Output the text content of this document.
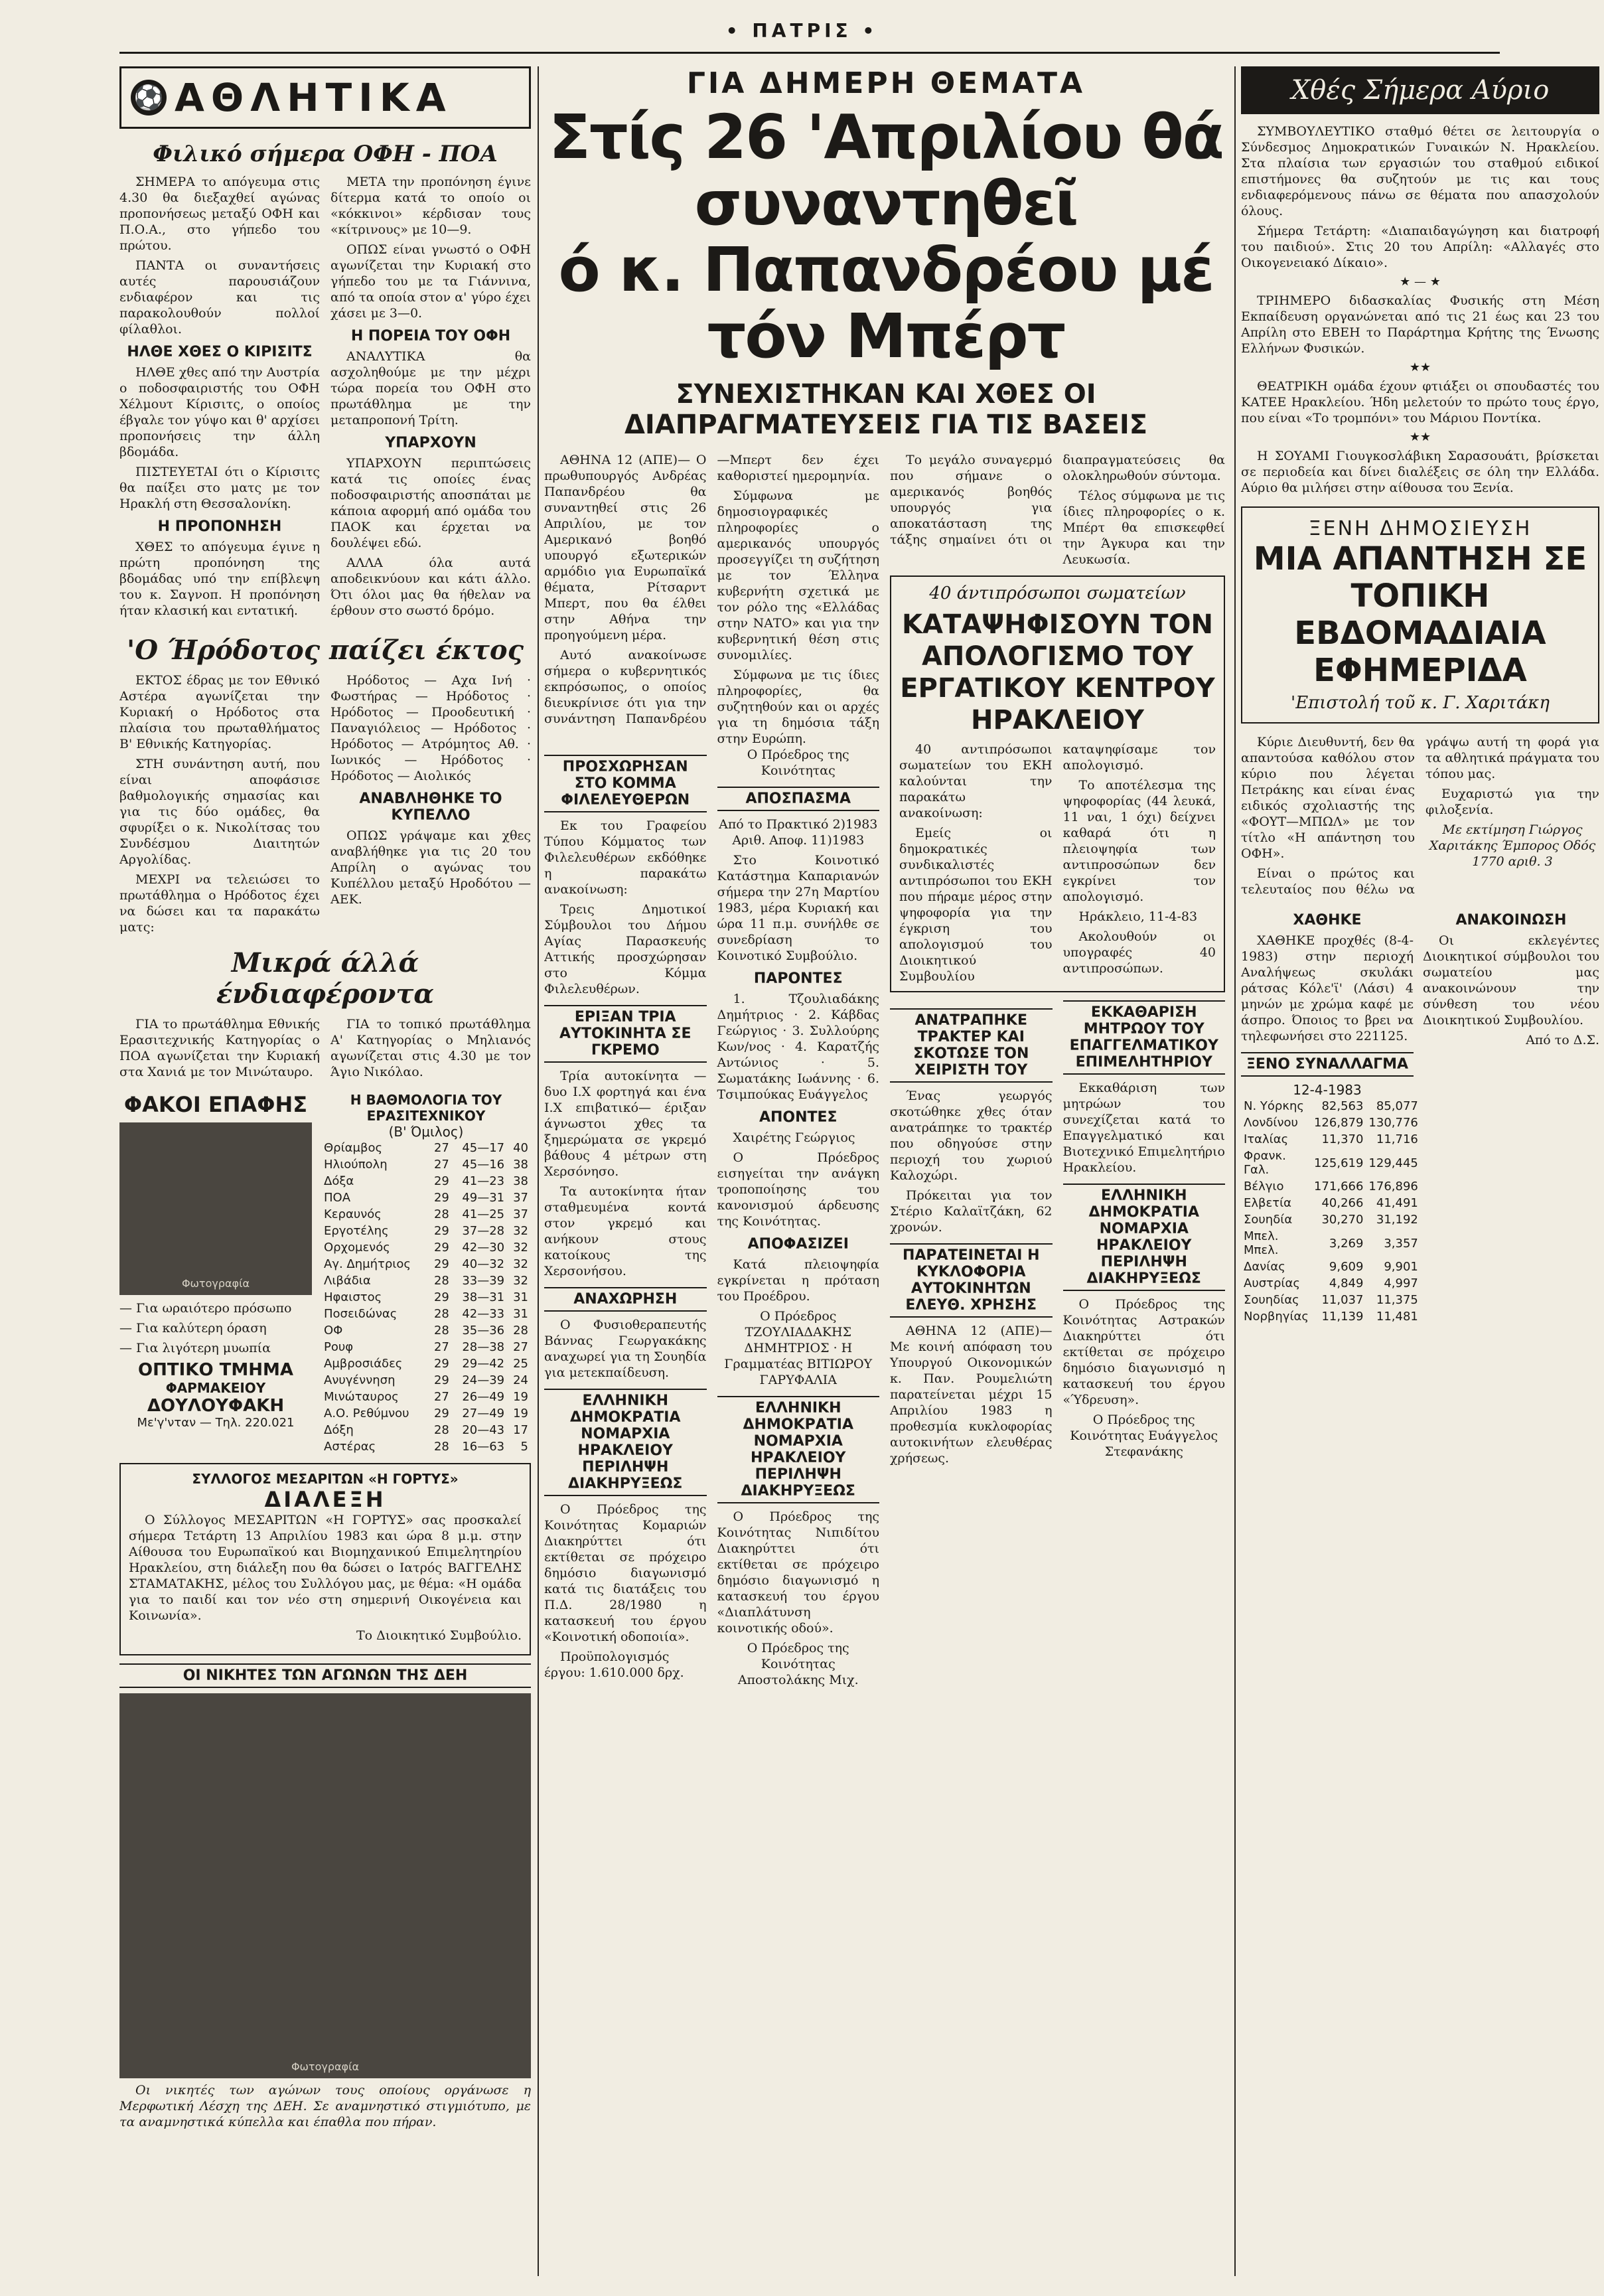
• ΠΑΤΡΙΣ •
⚽ ΑΘΛΗΤΙΚΑ
Φιλικό σήμερα ΟΦΗ - ΠΟΑ

ΣΗΜΕΡΑ το απόγευμα στις 4.30 θα διεξαχθεί αγώνας προπονήσεως μεταξύ ΟΦΗ και Π.Ο.Α., στο γήπεδο του πρώτου.

ΠΑΝΤΑ οι συναντήσεις αυτές παρουσιάζουν ενδιαφέρον και τις παρακολουθούν πολλοί φίλαθλοι.

ΗΛΘΕ ΧΘΕΣ Ο ΚΙΡΙΣΙΤΣ

ΗΛΘΕ χθες από την Αυστρία ο ποδοσφαιριστής του ΟΦΗ Χέλμουτ Κίρισιτς, ο οποίος έβγαλε τον γύψο και θ' αρχίσει προπονήσεις την άλλη βδομάδα.

ΠΙΣΤΕΥΕΤΑΙ ότι ο Κίρισιτς θα παίξει στο ματς με τον Ηρακλή στη Θεσσαλονίκη.

Η ΠΡΟΠΟΝΗΣΗ

ΧΘΕΣ το απόγευμα έγινε η πρώτη προπόνηση της βδομάδας υπό την επίβλεψη του κ. Σαγνοπ. Η προπόνηση ήταν κλασική και εντατική.

ΜΕΤΑ την προπόνηση έγινε δίτερμα κατά το οποίο οι «κόκκινοι» κέρδισαν τους «κίτρινους» με 10—9.

ΟΠΩΣ είναι γνωστό ο ΟΦΗ αγωνίζεται την Κυριακή στο γήπεδο του με τα Γιάννινα, από τα οποία στον α' γύρο έχει χάσει με 3—0.

Η ΠΟΡΕΙΑ ΤΟΥ ΟΦΗ

ΑΝΑΛΥΤΙΚΑ θα ασχοληθούμε με την μέχρι τώρα πορεία του ΟΦΗ στο πρωτάθλημα με την μεταπροπονή Τρίτη.

ΥΠΑΡΧΟΥΝ

ΥΠΑΡΧΟΥΝ περιπτώσεις κατά τις οποίες ένας ποδοσφαιριστής αποσπάται με κάποια αφορμή από ομάδα του ΠΑΟΚ και έρχεται να δουλέψει εδώ.

ΑΛΛΑ όλα αυτά αποδεικνύουν και κάτι άλλο. Ότι όλοι μας θα ήθελαν να έρθουν στο σωστό δρόμο.

'Ο Ήρόδοτος παίζει έκτος

ΕΚΤΟΣ έδρας με τον Εθνικό Αστέρα αγωνίζεται την Κυριακή ο Ηρόδοτος στα πλαίσια του πρωταθλήματος Β' Εθνικής Κατηγορίας.

ΣΤΗ συνάντηση αυτή, που είναι αποφάσισε βαθμολογικής σημασίας και για τις δύο ομάδες, θα σφυρίξει ο κ. Νικολίτσας του Συνδέσμου Διαιτητών Αργολίδας.

ΜΕΧΡΙ να τελειώσει το πρωτάθλημα ο Ηρόδοτος έχει να δώσει και τα παρακάτω ματς:

Ηρόδοτος — Αχα Ινή · Φωστήρας — Ηρόδοτος · Ηρόδοτος — Προοδευτική · Παναγιόλειος — Ηρόδοτος · Ηρόδοτος — Ατρόμητος Αθ. · Ιωνικός — Ηρόδοτος · Ηρόδοτος — Αιολικός

ΑΝΑΒΛΗΘΗΚΕ ΤΟ ΚΥΠΕΛΛΟ

ΟΠΩΣ γράψαμε και χθες αναβλήθηκε για τις 20 του Απρίλη ο αγώνας του Κυπέλλου μεταξύ Ηροδότου — ΑΕΚ.

Μικρά άλλά ένδιαφέροντα

ΓΙΑ το πρωτάθλημα Εθνικής Ερασιτεχνικής Κατηγορίας ο ΠΟΑ αγωνίζεται την Κυριακή στα Χανιά με τον Μινώταυρο.

ΓΙΑ το τοπικό πρωτάθλημα Α' Κατηγορίας ο Μηλιανός αγωνίζεται στις 4.30 με τον Άγιο Νικόλαο.

ΦΑΚΟΙ ΕΠΑΦΗΣ
Φωτογραφία

— Για ωραιότερο πρόσωπο

— Για καλύτερη όραση

— Για λιγότερη μυωπία

ΟΠΤΙΚΟ ΤΜΗΜΑ
ΦΑΡΜΑΚΕΙΟΥ
ΔΟΥΛΟΥΦΑΚΗ
Με'γ'νταν — Τηλ. 220.021
Η ΒΑΘΜΟΛΟΓΙΑ ΤΟΥ ΕΡΑΣΙΤΕΧΝΙΚΟΥ
(Β' Όμιλος)
Θρίαμβος	27	45—17	40
Ηλιούπολη	27	45—16	38
Δόξα	29	41—23	38
ΠΟΑ	29	49—31	37
Κεραυνός	28	41—25	37
Εργοτέλης	29	37—28	32
Ορχομενός	29	42—30	32
Αγ. Δημήτριος	29	40—32	32
Λιβάδια	28	33—39	32
Ηφαιστος	29	38—31	31
Ποσειδώνας	28	42—33	31
ΟΦ	28	35—36	28
Ρουφ	27	28—38	27
Αμβροσιάδες	29	29—42	25
Ανυγέννηση	29	24—39	24
Μινώταυρος	27	26—49	19
Α.Ο. Ρεθύμνου	29	27—49	19
Δόξη	28	20—43	17
Αστέρας	28	16—63	5
ΣΥΛΛΟΓΟΣ ΜΕΣΑΡΙΤΩΝ «Η ΓΟΡΤΥΣ»
ΔΙΑΛΕΞΗ

Ο Σύλλογος ΜΕΣΑΡΙΤΩΝ «Η ΓΟΡΤΥΣ» σας προσκαλεί σήμερα Τετάρτη 13 Απριλίου 1983 και ώρα 8 μ.μ. στην Αίθουσα του Ευρωπαϊκού και Βιομηχανικού Επιμελητηρίου Ηρακλείου, στη διάλεξη που θα δώσει ο Ιατρός ΒΑΓΓΕΛΗΣ ΣΤΑΜΑΤΑΚΗΣ, μέλος του Συλλόγου μας, με θέμα: «Η ομάδα για το παιδί και τον νέο στη σημερινή Οικογένεια και Κοινωνία».

Το Διοικητικό Συμβούλιο.

ΟΙ ΝΙΚΗΤΕΣ ΤΩΝ ΑΓΩΝΩΝ ΤΗΣ ΔΕΗ
Φωτογραφία

Οι νικητές των αγώνων τους οποίους οργάνωσε η Μερφωτική Λέσχη της ΔΕΗ. Σε αναμνηστικό στιγμιότυπο, με τα αναμνηστικά κύπελλα και έπαθλα που πήραν.

ΓΙΑ ΔΗΜΕΡΗ ΘΕΜΑΤΑ
Στίς 26 'Απριλίου θά συναντηθεῖ
ό κ. Παπανδρέου μέ τόν Μπέρτ
ΣΥΝΕΧΙΣΤΗΚΑΝ ΚΑΙ ΧΘΕΣ ΟΙ ΔΙΑΠΡΑΓΜΑΤΕΥΣΕΙΣ ΓΙΑ ΤΙΣ ΒΑΣΕΙΣ

ΑΘΗΝΑ 12 (ΑΠΕ)— Ο πρωθυπουργός Ανδρέας Παπανδρέου θα συναντηθεί στις 26 Απριλίου, με τον Αμερικανό βοηθό υπουργό εξωτερικών αρμόδιο για Ευρωπαϊκά θέματα, Ρίτσαρντ Μπερτ, που θα έλθει στην Αθήνα την προηγούμενη μέρα.

Αυτό ανακοίνωσε σήμερα ο κυβερνητικός εκπρόσωπος, ο οποίος διευκρίνισε ότι για την συνάντηση Παπανδρέου—Μπερτ δεν έχει καθοριστεί ημερομηνία.

Σύμφωνα με δημοσιογραφικές πληροφορίες ο αμερικανός υπουργός προσεγγίζει τη συζήτηση με τον Έλληνα κυβερνήτη σχετικά με τον ρόλο της «Ελλάδας στην ΝΑΤΟ» και για την κυβερνητική θέση στις συνομιλίες.

Σύμφωνα με τις ίδιες πληροφορίες, θα συζητηθούν και οι αρχές για τη δημόσια τάξη στην Ευρώπη.

ΠΡΟΣΧΩΡΗΣΑΝ ΣΤΟ ΚΟΜΜΑ ΦΙΛΕΛΕΥΘΕΡΩΝ

Εκ του Γραφείου Τύπου Κόμματος των Φιλελευθέρων εκδόθηκε η παρακάτω ανακοίνωση:

Τρεις Δημοτικοί Σύμβουλοι του Δήμου Αγίας Παρασκευής Αττικής προσχώρησαν στο Κόμμα Φιλελευθέρων.

ΕΡΙΞΑΝ ΤΡΙΑ ΑΥΤΟΚΙΝΗΤΑ ΣΕ ΓΚΡΕΜΟ

Τρία αυτοκίνητα —δυο Ι.Χ φορτηγά και ένα Ι.Χ επιβατικό— έριξαν άγνωστοι χθες τα ξημερώματα σε γκρεμό βάθους 4 μέτρων στη Χερσόνησο.

Τα αυτοκίνητα ήταν σταθμευμένα κοντά στον γκρεμό και ανήκουν στους κατοίκους της Χερσονήσου.

ΑΝΑΧΩΡΗΣΗ

Ο Φυσιοθεραπευτής Βάννας Γεωργακάκης αναχωρεί για τη Σουηδία για μετεκπαίδευση.

ΕΛΛΗΝΙΚΗ ΔΗΜΟΚΡΑΤΙΑ ΝΟΜΑΡΧΙΑ ΗΡΑΚΛΕΙΟΥ ΠΕΡΙΛΗΨΗ ΔΙΑΚΗΡΥΞΕΩΣ

Ο Πρόεδρος της Κοινότητας Κομαριών Διακηρύττει ότι εκτίθεται σε πρόχειρο δημόσιο διαγωνισμό κατά τις διατάξεις του Π.Δ. 28/1980 η κατασκευή του έργου «Κοινοτική οδοποιία».

Προϋπολογισμός έργου: 1.610.000 δρχ.

Ο Πρόεδρος της Κοινότητας

ΑΠΟΣΠΑΣΜΑ

Από το Πρακτικό 2)1983 Αριθ. Αποφ. 11)1983

Στο Κοινοτικό Κατάστημα Καπαριανών σήμερα την 27η Μαρτίου 1983, μέρα Κυριακή και ώρα 11 π.μ. συνήλθε σε συνεδρίαση το Κοινοτικό Συμβούλιο.

ΠΑΡΟΝΤΕΣ

1. Τζουλιαδάκης Δημήτριος · 2. Κάβδας Γεώργιος · 3. Συλλούρης Κων/νος · 4. Καρατζής Αντώνιος · 5. Σωματάκης Ιωάννης · 6. Τσιμπούκας Ευάγγελος

ΑΠΟΝΤΕΣ

Χαιρέτης Γεώργιος

Ο Πρόεδρος εισηγείται την ανάγκη τροποποίησης του κανονισμού άρδευσης της Κοινότητας.

ΑΠΟΦΑΣΙΖΕΙ

Κατά πλειοψηφία εγκρίνεται η πρόταση του Προέδρου.

Ο Πρόεδρος ΤΖΟΥΛΙΑΔΑΚΗΣ ΔΗΜΗΤΡΙΟΣ · Η Γραμματέας ΒΙΤΙΩΡΟΥ ΓΑΡΥΦΑΛΙΑ

ΕΛΛΗΝΙΚΗ ΔΗΜΟΚΡΑΤΙΑ ΝΟΜΑΡΧΙΑ ΗΡΑΚΛΕΙΟΥ ΠΕΡΙΛΗΨΗ ΔΙΑΚΗΡΥΞΕΩΣ

Ο Πρόεδρος της Κοινότητας Νιπιδίτου Διακηρύττει ότι εκτίθεται σε πρόχειρο δημόσιο διαγωνισμό η κατασκευή του έργου «Διαπλάτυνση κοινοτικής οδού».

Ο Πρόεδρος της Κοινότητας Αποστολάκης Μιχ.

Το μεγάλο συναγερμό που σήμανε ο αμερικανός βοηθός υπουργός για αποκατάσταση της τάξης σημαίνει ότι οι διαπραγματεύσεις θα ολοκληρωθούν σύντομα.

Τέλος σύμφωνα με τις ίδιες πληροφορίες ο κ. Μπέρτ θα επισκεφθεί την Άγκυρα και την Λευκωσία.

40 άντιπρόσωποι σωματείων
ΚΑΤΑΨΗΦΙΣΟΥΝ ΤΟΝ ΑΠΟΛΟΓΙΣΜΟ ΤΟΥ ΕΡΓΑΤΙΚΟΥ ΚΕΝΤΡΟΥ ΗΡΑΚΛΕΙΟΥ

40 αντιπρόσωποι σωματείων του ΕΚΗ καλούνται την παρακάτω ανακοίνωση:

Εμείς οι δημοκρατικές συνδικαλιστές αντιπρόσωποι του ΕΚΗ που πήραμε μέρος στην ψηφοφορία για την έγκριση του απολογισμού του Διοικητικού Συμβουλίου καταψηφίσαμε τον απολογισμό.

Το αποτέλεσμα της ψηφοφορίας (44 λευκά, 11 ναι, 1 όχι) δείχνει καθαρά ότι η πλειοψηφία των αντιπροσώπων δεν εγκρίνει τον απολογισμό.

Ηράκλειο, 11-4-83

Ακολουθούν οι υπογραφές 40 αντιπροσώπων.

ΑΝΑΤΡΑΠΗΚΕ ΤΡΑΚΤΕΡ ΚΑΙ ΣΚΟΤΩΣΕ ΤΟΝ ΧΕΙΡΙΣΤΗ ΤΟΥ

Ένας γεωργός σκοτώθηκε χθες όταν ανατράπηκε το τρακτέρ που οδηγούσε στην περιοχή του χωριού Καλοχώρι.

Πρόκειται για τον Στέριο Καλαϊτζάκη, 62 χρονών.

ΠΑΡΑΤΕΙΝΕΤΑΙ Η ΚΥΚΛΟΦΟΡΙΑ ΑΥΤΟΚΙΝΗΤΩΝ ΕΛΕΥΘ. ΧΡΗΣΗΣ

ΑΘΗΝΑ 12 (ΑΠΕ)— Με κοινή απόφαση του Υπουργού Οικονομικών κ. Παν. Ρουμελιώτη παρατείνεται μέχρι 15 Απριλίου 1983 η προθεσμία κυκλοφορίας αυτοκινήτων ελευθέρας χρήσεως.

ΕΚΚΑΘΑΡΙΣΗ ΜΗΤΡΩΟΥ ΤΟΥ ΕΠΑΓΓΕΛΜΑΤΙΚΟΥ ΕΠΙΜΕΛΗΤΗΡΙΟΥ

Εκκαθάριση των μητρώων του συνεχίζεται κατά το Επαγγελματικό και Βιοτεχνικό Επιμελητήριο Ηρακλείου.

ΕΛΛΗΝΙΚΗ ΔΗΜΟΚΡΑΤΙΑ ΝΟΜΑΡΧΙΑ ΗΡΑΚΛΕΙΟΥ ΠΕΡΙΛΗΨΗ ΔΙΑΚΗΡΥΞΕΩΣ

Ο Πρόεδρος της Κοινότητας Αστρακών Διακηρύττει ότι εκτίθεται σε πρόχειρο δημόσιο διαγωνισμό η κατασκευή του έργου «Ύδρευση».

Ο Πρόεδρος της Κοινότητας Ευάγγελος Στεφανάκης

Χθές Σήμερα Αύριο

ΣΥΜΒΟΥΛΕΥΤΙΚΟ σταθμό θέτει σε λειτουργία ο Σύνδεσμος Δημοκρατικών Γυναικών Ν. Ηρακλείου. Στα πλαίσια των εργασιών του σταθμού ειδικοί επιστήμονες θα συζητούν με τις και τους ενδιαφερόμενους πάνω σε θέματα που απασχολούν όλους.

Σήμερα Τετάρτη: «Διαπαιδαγώγηση και διατροφή του παιδιού». Στις 20 του Απρίλη: «Αλλαγές στο Οικογενειακό Δίκαιο».

★ — ★

ΤΡΙΗΜΕΡΟ διδασκαλίας Φυσικής στη Μέση Εκπαίδευση οργανώνεται από τις 21 έως και 23 του Απρίλη στο ΕΒΕΗ το Παράρτημα Κρήτης της Ένωσης Ελλήνων Φυσικών.

★★

ΘΕΑΤΡΙΚΗ ομάδα έχουν φτιάξει οι σπουδαστές του ΚΑΤΕΕ Ηρακλείου. Ήδη μελετούν το πρώτο τους έργο, που είναι «Το τρομπόνι» του Μάριου Ποντίκα.

★★

Η ΣΟΥΑΜΙ Γιουγκοσλάβικη Σαρασουάτι, βρίσκεται σε περιοδεία και δίνει διαλέξεις σε όλη την Ελλάδα. Αύριο θα μιλήσει στην αίθουσα του Ξενία.

ΞΕΝΗ ΔΗΜΟΣΙΕΥΣΗ
ΜΙΑ ΑΠΑΝΤΗΣΗ ΣΕ ΤΟΠΙΚΗ ΕΒΔΟΜΑΔΙΑΙΑ ΕΦΗΜΕΡΙΔΑ
'Επιστολή τοῦ κ. Γ. Χαριτάκη

Κύριε Διευθυντή, δεν θα απαντούσα καθόλου στον κύριο που λέγεται Πετράκης και είναι ένας ειδικός σχολιαστής της «ΦΟΥΤ—ΜΠΩΛ» με τον τίτλο «Η απάντηση του ΟΦΗ».

Είναι ο πρώτος και τελευταίος που θέλω να γράψω αυτή τη φορά για τα αθλητικά πράγματα του τόπου μας.

Ευχαριστώ για την φιλοξενία.

Με εκτίμηση Γιώργος Χαριτάκης Έμπορος Οδός 1770 αριθ. 3

ΧΑΘΗΚΕ

ΧΑΘΗΚΕ προχθές (8-4-1983) στην περιοχή Αναλήψεως σκυλάκι ράτσας Κόλε'ϊ' (Λάσι) 4 μηνών με χρώμα καφέ με άσπρο. Όποιος το βρει να τηλεφωνήσει στο 221125.

ΞΕΝΟ ΣΥΝΑΛΛΑΓΜΑ
12-4-1983
Ν. Υόρκης	82,563	85,077
Λονδίνου	126,879	130,776
Ιταλίας	11,370	11,716
Φρανκ. Γαλ.	125,619	129,445
Βέλγιο	171,666	176,896
Ελβετία	40,266	41,491
Σουηδία	30,270	31,192
Μπελ. Μπελ.	3,269	3,357
Δανίας	9,609	9,901
Αυστρίας	4,849	4,997
Σουηδίας	11,037	11,375
Νορβηγίας	11,139	11,481
ΑΝΑΚΟΙΝΩΣΗ

Οι εκλεγέντες Διοικητικοί σύμβουλοι του σωματείου μας ανακοινώνουν την σύνθεση του νέου Διοικητικού Συμβουλίου.

Από το Δ.Σ.
